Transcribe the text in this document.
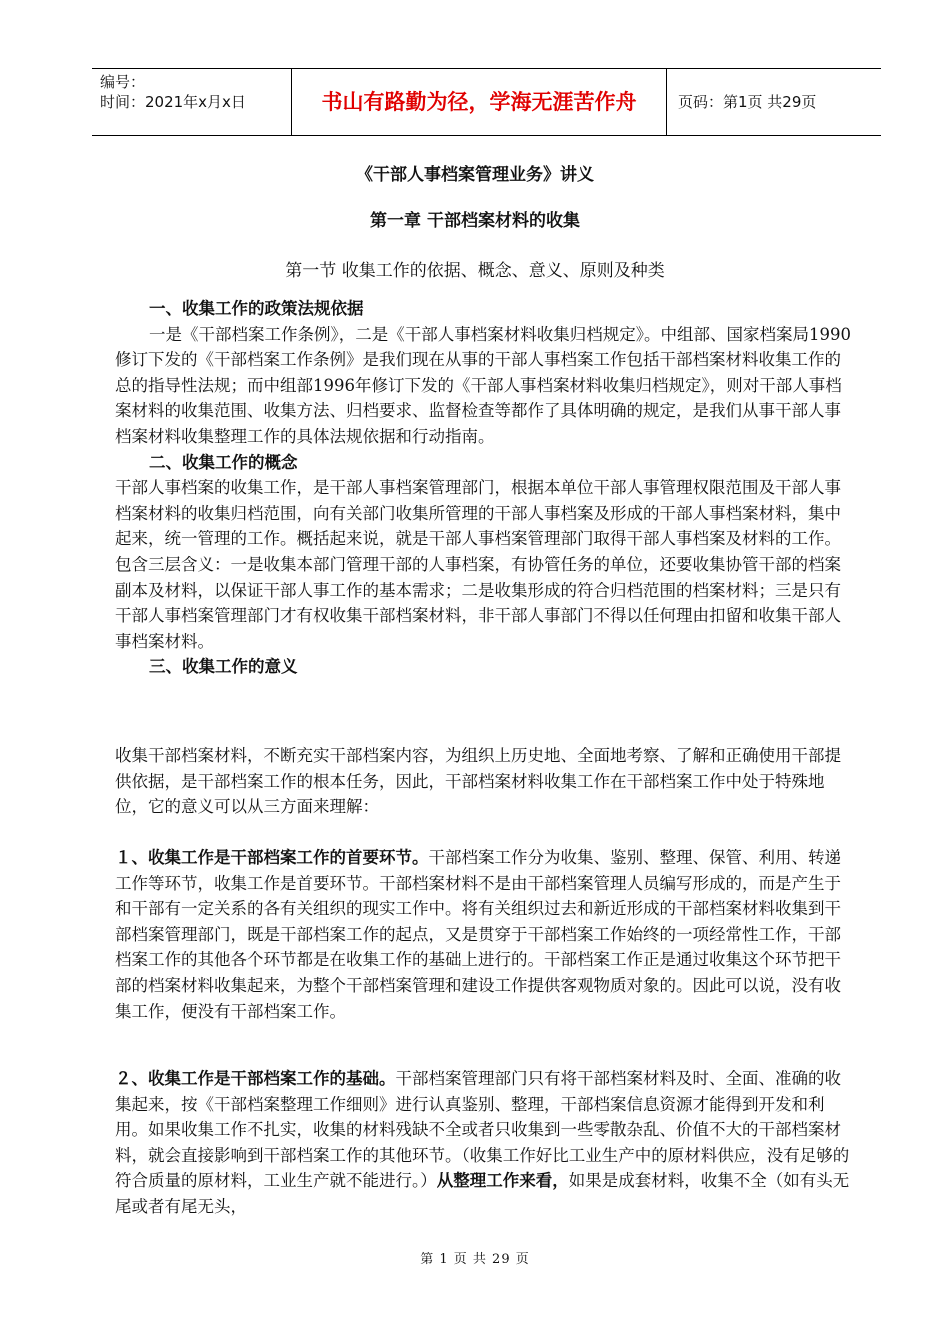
编号：
时间：2021年x月x日	书山有路勤为径，学海无涯苦作舟	页码：第1页 共29页
《干部人事档案管理业务》讲义
第一章 干部档案材料的收集
第一节 收集工作的依据、概念、意义、原则及种类
一、收集工作的政策法规依据
一是《干部档案工作条例》，二是《干部人事档案材料收集归档规定》。中组部、国家档案局1990修订下发的《干部档案工作条例》是我们现在从事的干部人事档案工作包括干部档案材料收集工作的总的指导性法规；而中组部1996年修订下发的《干部人事档案材料收集归档规定》，则对干部人事档案材料的收集范围、收集方法、归档要求、监督检查等都作了具体明确的规定，是我们从事干部人事档案材料收集整理工作的具体法规依据和行动指南。
二、收集工作的概念
干部人事档案的收集工作，是干部人事档案管理部门，根据本单位干部人事管理权限范围及干部人事档案材料的收集归档范围，向有关部门收集所管理的干部人事档案及形成的干部人事档案材料，集中起来，统一管理的工作。概括起来说，就是干部人事档案管理部门取得干部人事档案及材料的工作。包含三层含义：一是收集本部门管理干部的人事档案，有协管任务的单位，还要收集协管干部的档案副本及材料，以保证干部人事工作的基本需求；二是收集形成的符合归档范围的档案材料；三是只有干部人事档案管理部门才有权收集干部档案材料，非干部人事部门不得以任何理由扣留和收集干部人事档案材料。
三、收集工作的意义
收集干部档案材料，不断充实干部档案内容，为组织上历史地、全面地考察、了解和正确使用干部提供依据，是干部档案工作的根本任务，因此，干部档案材料收集工作在干部档案工作中处于特殊地位，它的意义可以从三方面来理解：
１、收集工作是干部档案工作的首要环节。干部档案工作分为收集、鉴别、整理、保管、利用、转递工作等环节，收集工作是首要环节。干部档案材料不是由干部档案管理人员编写形成的，而是产生于和干部有一定关系的各有关组织的现实工作中。将有关组织过去和新近形成的干部档案材料收集到干部档案管理部门，既是干部档案工作的起点，又是贯穿于干部档案工作始终的一项经常性工作，干部档案工作的其他各个环节都是在收集工作的基础上进行的。干部档案工作正是通过收集这个环节把干部的档案材料收集起来，为整个干部档案管理和建设工作提供客观物质对象的。因此可以说，没有收集工作，便没有干部档案工作。
２、收集工作是干部档案工作的基础。干部档案管理部门只有将干部档案材料及时、全面、准确的收集起来，按《干部档案整理工作细则》进行认真鉴别、整理，干部档案信息资源才能得到开发和利用。如果收集工作不扎实，收集的材料残缺不全或者只收集到一些零散杂乱、价值不大的干部档案材料，就会直接影响到干部档案工作的其他环节。（收集工作好比工业生产中的原材料供应，没有足够的符合质量的原材料，工业生产就不能进行。）从整理工作来看，如果是成套材料，收集不全（如有头无尾或者有尾无头，
第 1 页 共 29 页
